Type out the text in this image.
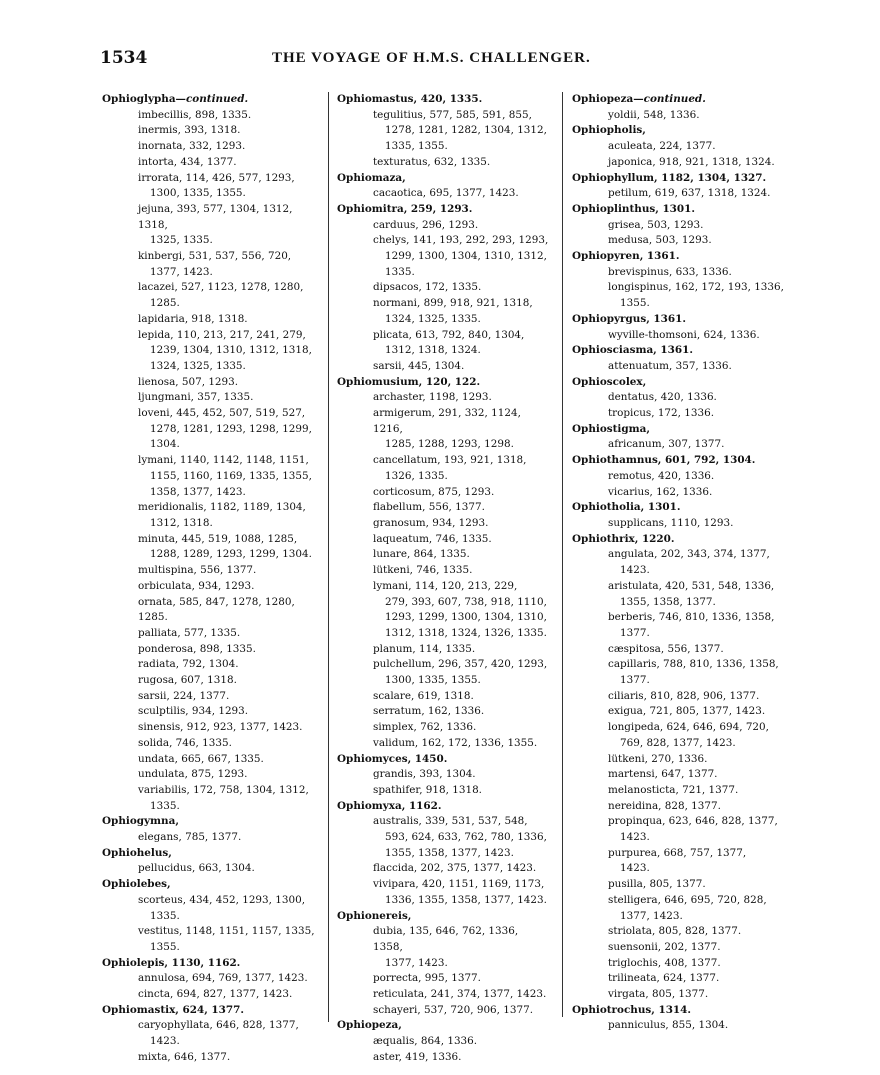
1534	THE VOYAGE OF H.M.S. CHALLENGER.
Ophioglypha—continued.
imbecillis, 898, 1335.
inermis, 393, 1318.
inornata, 332, 1293.
intorta, 434, 1377.
irrorata, 114, 426, 577, 1293,
1300, 1335, 1355.
jejuna, 393, 577, 1304, 1312, 1318,
1325, 1335.
kinbergi, 531, 537, 556, 720,
1377, 1423.
lacazei, 527, 1123, 1278, 1280,
1285.
lapidaria, 918, 1318.
lepida, 110, 213, 217, 241, 279,
1239, 1304, 1310, 1312, 1318,
1324, 1325, 1335.
lienosa, 507, 1293.
ljungmani, 357, 1335.
loveni, 445, 452, 507, 519, 527,
1278, 1281, 1293, 1298, 1299,
1304.
lymani, 1140, 1142, 1148, 1151,
1155, 1160, 1169, 1335, 1355,
1358, 1377, 1423.
meridionalis, 1182, 1189, 1304,
1312, 1318.
minuta, 445, 519, 1088, 1285,
1288, 1289, 1293, 1299, 1304.
multispina, 556, 1377.
orbiculata, 934, 1293.
ornata, 585, 847, 1278, 1280, 1285.
palliata, 577, 1335.
ponderosa, 898, 1335.
radiata, 792, 1304.
rugosa, 607, 1318.
sarsii, 224, 1377.
sculptilis, 934, 1293.
sinensis, 912, 923, 1377, 1423.
solida, 746, 1335.
undata, 665, 667, 1335.
undulata, 875, 1293.
variabilis, 172, 758, 1304, 1312,
1335.
Ophiogymna,
elegans, 785, 1377.
Ophiohelus,
pellucidus, 663, 1304.
Ophiolebes,
scorteus, 434, 452, 1293, 1300,
1335.
vestitus, 1148, 1151, 1157, 1335,
1355.
Ophiolepis, 1130, 1162.
annulosa, 694, 769, 1377, 1423.
cincta, 694, 827, 1377, 1423.
Ophiomastix, 624, 1377.
caryophyllata, 646, 828, 1377,
1423.
mixta, 646, 1377.
Ophiomastus, 420, 1335.
tegulitius, 577, 585, 591, 855,
1278, 1281, 1282, 1304, 1312,
1335, 1355.
texturatus, 632, 1335.
Ophiomaza,
cacaotica, 695, 1377, 1423.
Ophiomitra, 259, 1293.
carduus, 296, 1293.
chelys, 141, 193, 292, 293, 1293,
1299, 1300, 1304, 1310, 1312,
1335.
dipsacos, 172, 1335.
normani, 899, 918, 921, 1318,
1324, 1325, 1335.
plicata, 613, 792, 840, 1304,
1312, 1318, 1324.
sarsii, 445, 1304.
Ophiomusium, 120, 122.
archaster, 1198, 1293.
armigerum, 291, 332, 1124, 1216,
1285, 1288, 1293, 1298.
cancellatum, 193, 921, 1318,
1326, 1335.
corticosum, 875, 1293.
flabellum, 556, 1377.
granosum, 934, 1293.
laqueatum, 746, 1335.
lunare, 864, 1335.
lütkeni, 746, 1335.
lymani, 114, 120, 213, 229,
279, 393, 607, 738, 918, 1110,
1293, 1299, 1300, 1304, 1310,
1312, 1318, 1324, 1326, 1335.
planum, 114, 1335.
pulchellum, 296, 357, 420, 1293,
1300, 1335, 1355.
scalare, 619, 1318.
serratum, 162, 1336.
simplex, 762, 1336.
validum, 162, 172, 1336, 1355.
Ophiomyces, 1450.
grandis, 393, 1304.
spathifer, 918, 1318.
Ophiomyxa, 1162.
australis, 339, 531, 537, 548,
593, 624, 633, 762, 780, 1336,
1355, 1358, 1377, 1423.
flaccida, 202, 375, 1377, 1423.
vivipara, 420, 1151, 1169, 1173,
1336, 1355, 1358, 1377, 1423.
Ophionereis,
dubia, 135, 646, 762, 1336, 1358,
1377, 1423.
porrecta, 995, 1377.
reticulata, 241, 374, 1377, 1423.
schayeri, 537, 720, 906, 1377.
Ophiopeza,
æqualis, 864, 1336.
aster, 419, 1336.
Ophiopeza—continued.
yoldii, 548, 1336.
Ophiopholis,
aculeata, 224, 1377.
japonica, 918, 921, 1318, 1324.
Ophiophyllum, 1182, 1304, 1327.
petilum, 619, 637, 1318, 1324.
Ophioplinthus, 1301.
grisea, 503, 1293.
medusa, 503, 1293.
Ophiopyren, 1361.
brevispinus, 633, 1336.
longispinus, 162, 172, 193, 1336,
1355.
Ophiopyrgus, 1361.
wyville-thomsoni, 624, 1336.
Ophiosciasma, 1361.
attenuatum, 357, 1336.
Ophioscolex,
dentatus, 420, 1336.
tropicus, 172, 1336.
Ophiostigma,
africanum, 307, 1377.
Ophiothamnus, 601, 792, 1304.
remotus, 420, 1336.
vicarius, 162, 1336.
Ophiotholia, 1301.
supplicans, 1110, 1293.
Ophiothrix, 1220.
angulata, 202, 343, 374, 1377,
1423.
aristulata, 420, 531, 548, 1336,
1355, 1358, 1377.
berberis, 746, 810, 1336, 1358,
1377.
cæspitosa, 556, 1377.
capillaris, 788, 810, 1336, 1358,
1377.
ciliaris, 810, 828, 906, 1377.
exigua, 721, 805, 1377, 1423.
longipeda, 624, 646, 694, 720,
769, 828, 1377, 1423.
lütkeni, 270, 1336.
martensi, 647, 1377.
melanosticta, 721, 1377.
nereidina, 828, 1377.
propinqua, 623, 646, 828, 1377,
1423.
purpurea, 668, 757, 1377,
1423.
pusilla, 805, 1377.
stelligera, 646, 695, 720, 828,
1377, 1423.
striolata, 805, 828, 1377.
suensonii, 202, 1377.
triglochis, 408, 1377.
trilineata, 624, 1377.
virgata, 805, 1377.
Ophiotrochus, 1314.
panniculus, 855, 1304.
